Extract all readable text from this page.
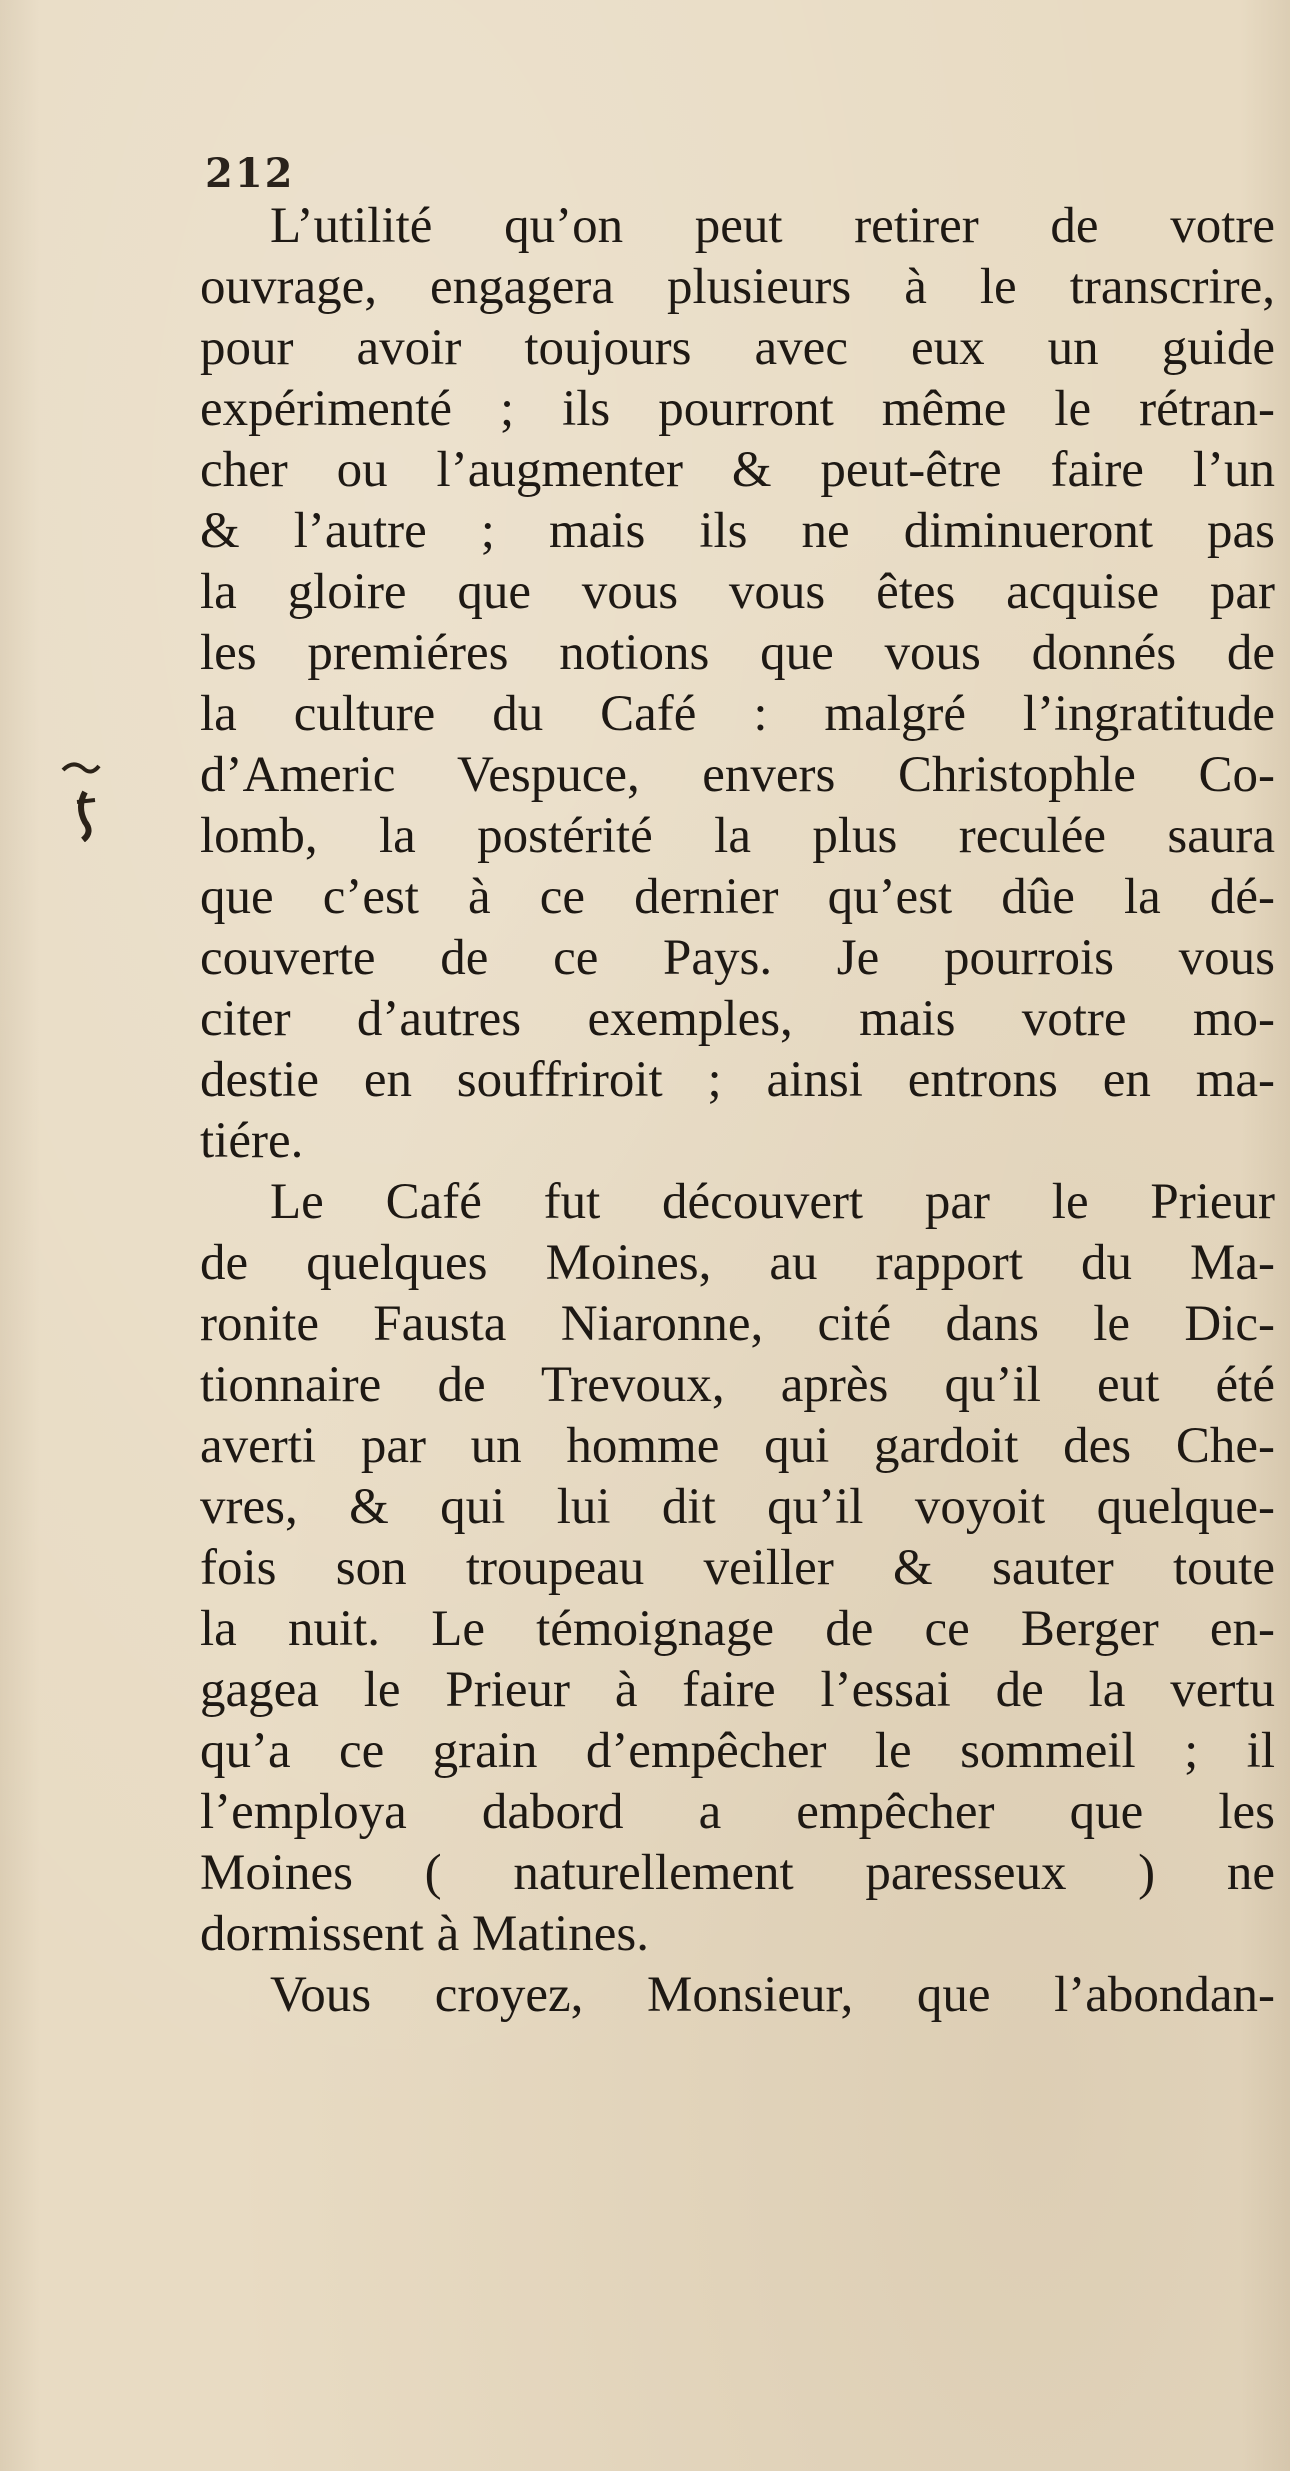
212
L’utilité qu’on peut retirer de votre
ouvrage, engagera plusieurs à le transcrire,
pour avoir toujours avec eux un guide
expérimenté ; ils pourront même le rétran-
cher ou l’augmenter & peut-être faire l’un
& l’autre ; mais ils ne diminueront pas
la gloire que vous vous êtes acquise par
les premiéres notions que vous donnés de
la culture du Café : malgré l’ingratitude
d’Americ Vespuce, envers Christophle Co-
lomb, la postérité la plus reculée saura
que c’est à ce dernier qu’est dûe la dé-
couverte de ce Pays. Je pourrois vous
citer d’autres exemples, mais votre mo-
destie en souffriroit ; ainsi entrons en ma-
tiére.
Le Café fut découvert par le Prieur
de quelques Moines, au rapport du Ma-
ronite Fausta Niaronne, cité dans le Dic-
tionnaire de Trevoux, après qu’il eut été
averti par un homme qui gardoit des Che-
vres, & qui lui dit qu’il voyoit quelque-
fois son troupeau veiller & sauter toute
la nuit. Le témoignage de ce Berger en-
gagea le Prieur à faire l’essai de la vertu
qu’a ce grain d’empêcher le sommeil ; il
l’employa dabord a empêcher que les
Moines ( naturellement paresseux ) ne
dormissent à Matines.
Vous croyez, Monsieur, que l’abondan-
